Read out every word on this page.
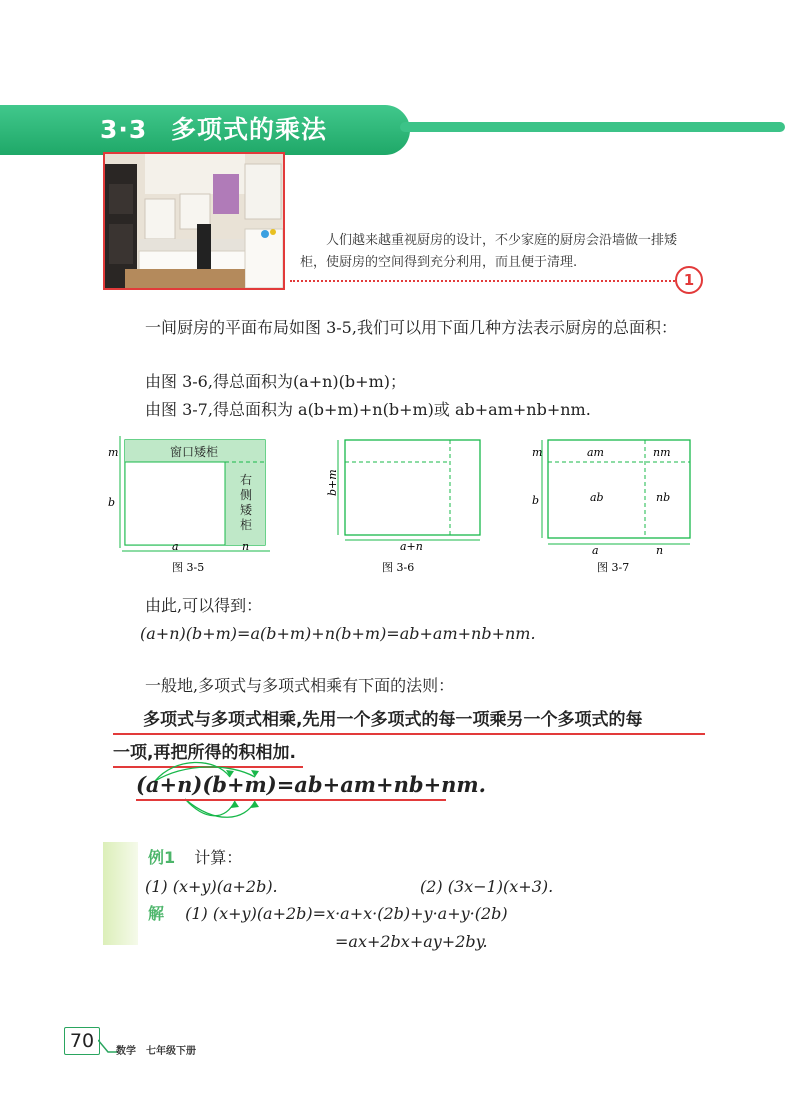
3·3 多项式的乘法
人们越来越重视厨房的设计，不少家庭的厨房会沿墙做一排矮柜，使厨房的空间得到充分利用，而且便于清理.
1
一间厨房的平面布局如图 3-5,我们可以用下面几种方法表示厨房的总面积：
由图 3-6,得总面积为(a+n)(b+m)；
由图 3-7,得总面积为 a(b+m)+n(b+m)或 ab+am+nb+nm.
窗口矮柜
右
侧
矮
柜
m
b
a	n
图 3-5
b+m
a+n
图 3-6
am	nm
ab	nb
m
b
a	n
图 3-7
由此,可以得到：
(a+n)(b+m)=a(b+m)+n(b+m)=ab+am+nb+nm.
一般地,多项式与多项式相乘有下面的法则：
多项式与多项式相乘,先用一个多项式的每一项乘另一个多项式的每
一项,再把所得的积相加.
(a+n)(b+m)=ab+am+nb+nm.
例1 计算：
(1) (x+y)(a+2b).	(2) (3x−1)(x+3).
解 (1) (x+y)(a+2b)=x·a+x·(2b)+y·a+y·(2b)
=ax+2bx+ay+2by.
70	数学　七年级下册
